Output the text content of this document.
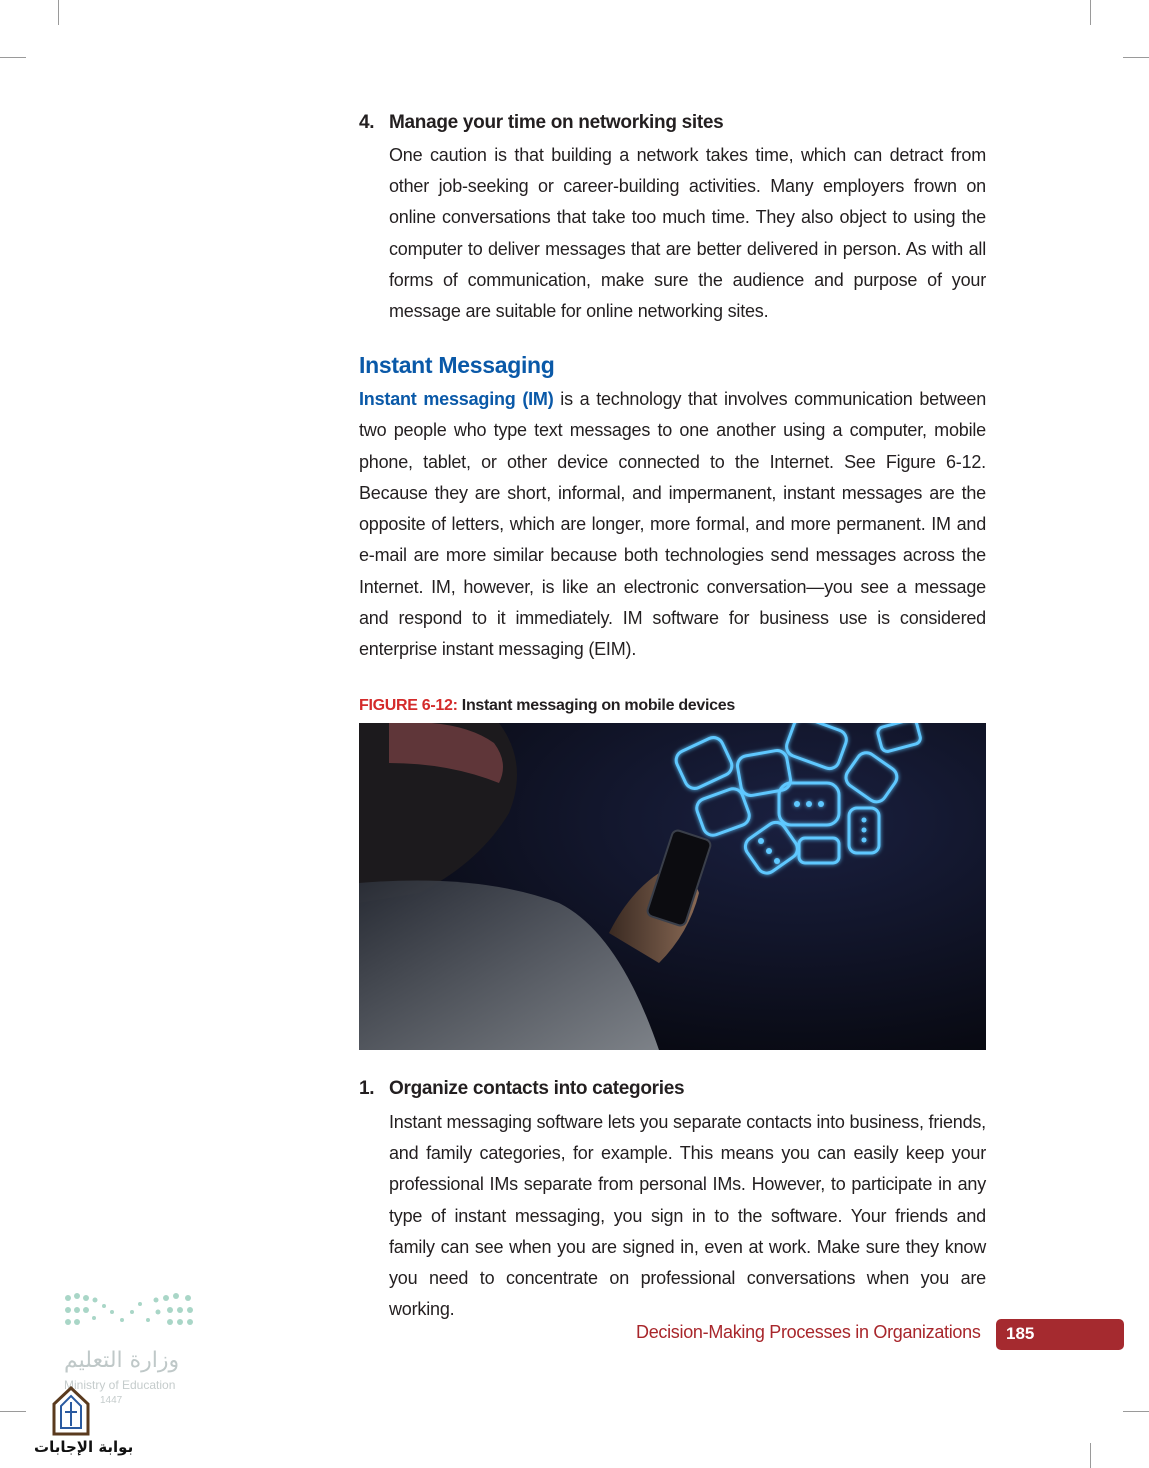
4. Manage your time on networking sites
One caution is that building a network takes time, which can detract from other job-seeking or career-building activities. Many employers frown on online conversations that take too much time. They also object to using the computer to deliver messages that are better delivered in person. As with all forms of communication, make sure the audience and purpose of your message are suitable for online networking sites.
Instant Messaging
Instant messaging (IM) is a technology that involves communication between two people who type text messages to one another using a computer, mobile phone, tablet, or other device connected to the Internet. See Figure 6-12. Because they are short, informal, and impermanent, instant messages are the opposite of letters, which are longer, more formal, and more permanent. IM and e-mail are more similar because both technologies send messages across the Internet. IM, however, is like an electronic conversation—you see a message and respond to it immediately. IM software for business use is considered enterprise instant messaging (EIM).
FIGURE 6-12: Instant messaging on mobile devices
1. Organize contacts into categories
Instant messaging software lets you separate contacts into business, friends, and family categories, for example. This means you can easily keep your professional IMs separate from personal IMs. However, to participate in any type of instant messaging, you sign in to the software. Your friends and family can see when you are signed in, even at work. Make sure they know you need to concentrate on professional conversations when you are working.
Decision-Making Processes in Organizations	185
وزارة التعليم
Ministry of Education
1447
بوابة الإجابات
